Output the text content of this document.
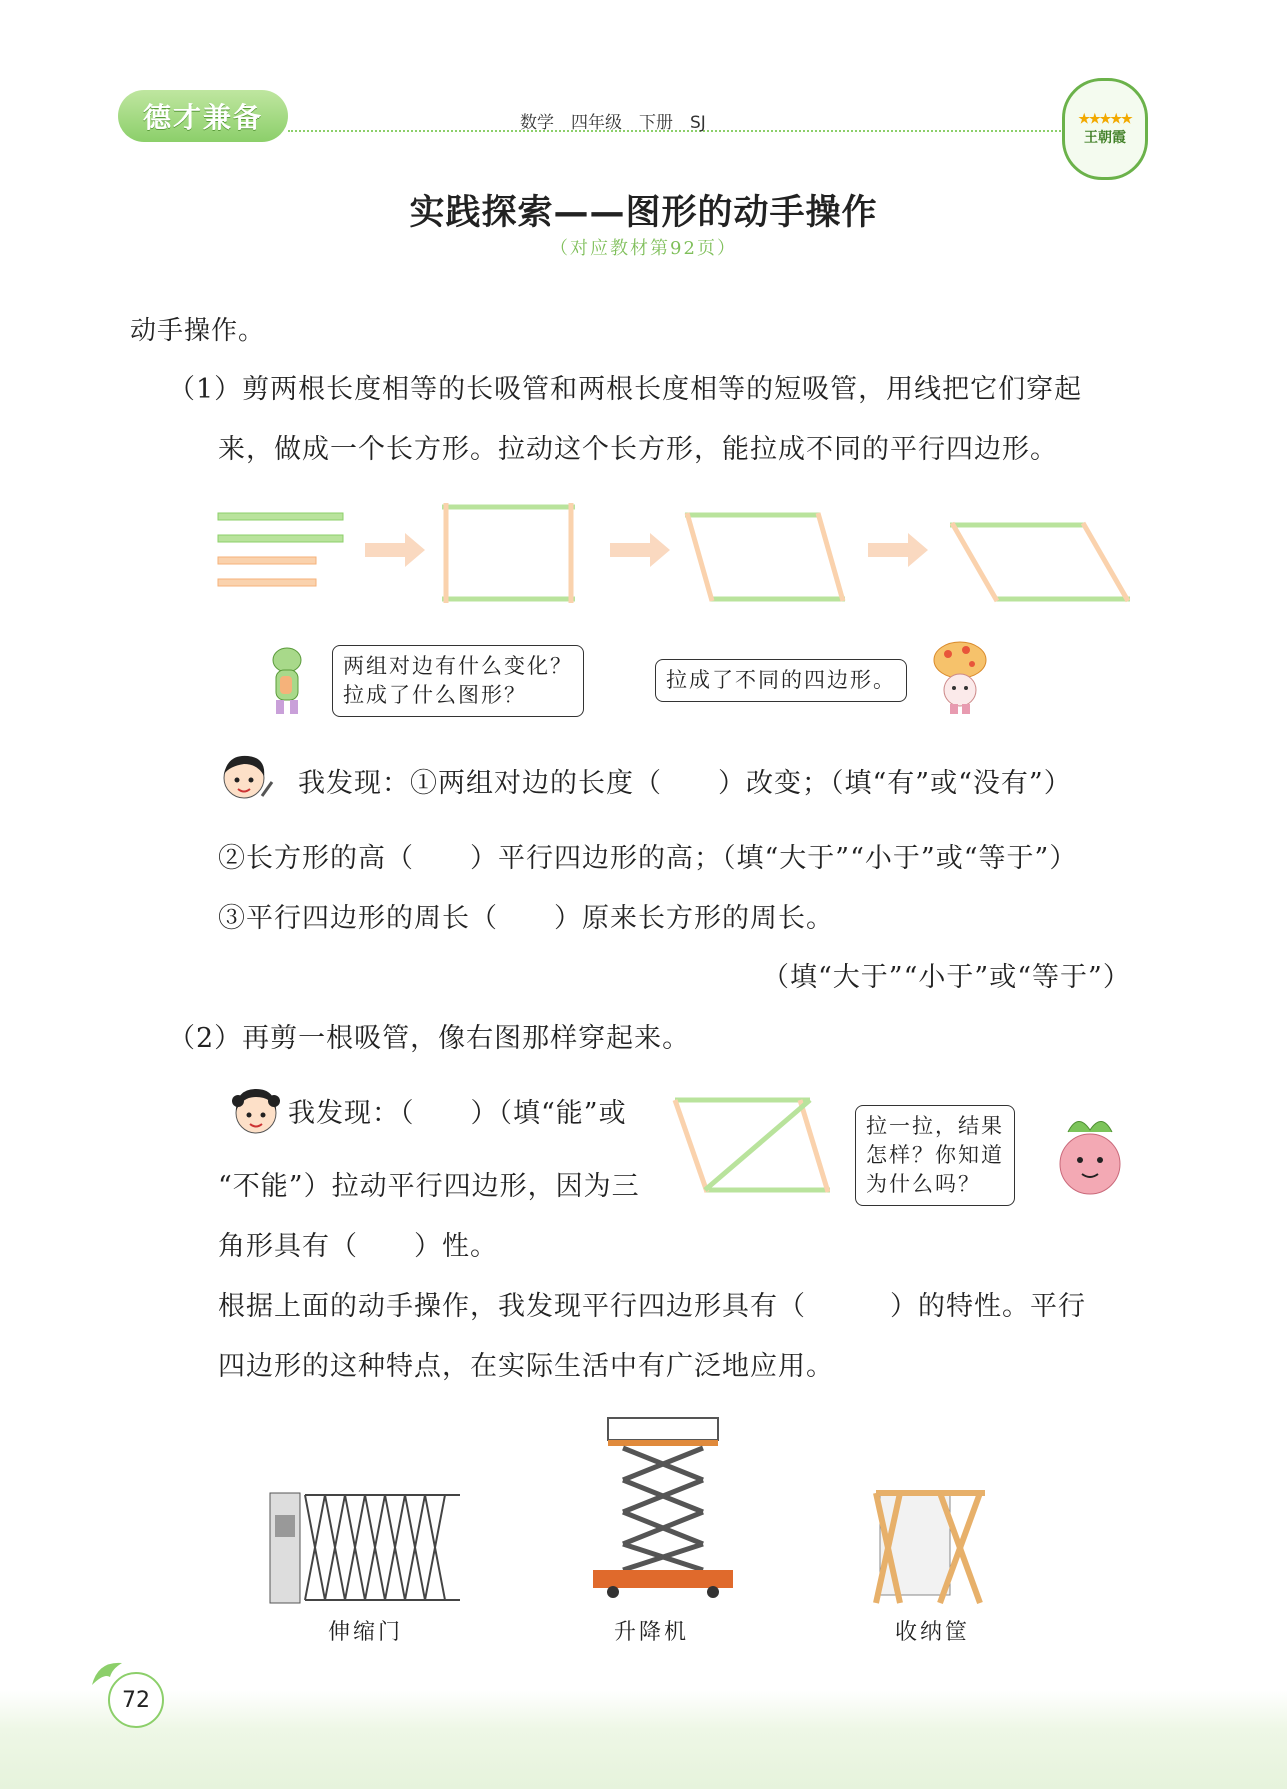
德才兼备	数学　四年级　下册　SJ	★★★★★
王朝霞
实践探索——图形的动手操作
（对应教材第92页）
动手操作。
（1）剪两根长度相等的长吸管和两根长度相等的短吸管，用线把它们穿起
来，做成一个长方形。拉动这个长方形，能拉成不同的平行四边形。
两组对边有什么变化？
拉成了什么图形？
拉成了不同的四边形。
我发现：①两组对边的长度（　　）改变；（填“有”或“没有”）
②长方形的高（　　）平行四边形的高；（填“大于”“小于”或“等于”）
③平行四边形的周长（　　）原来长方形的周长。
（填“大于”“小于”或“等于”）
（2）再剪一根吸管，像右图那样穿起来。
我发现：（　　）（填“能”或
“不能”）拉动平行四边形，因为三
角形具有（　　）性。
拉一拉，结果
怎样？你知道
为什么吗？
根据上面的动手操作，我发现平行四边形具有（　　　）的特性。平行
四边形的这种特点，在实际生活中有广泛地应用。
伸缩门	升降机	收纳筐
72
